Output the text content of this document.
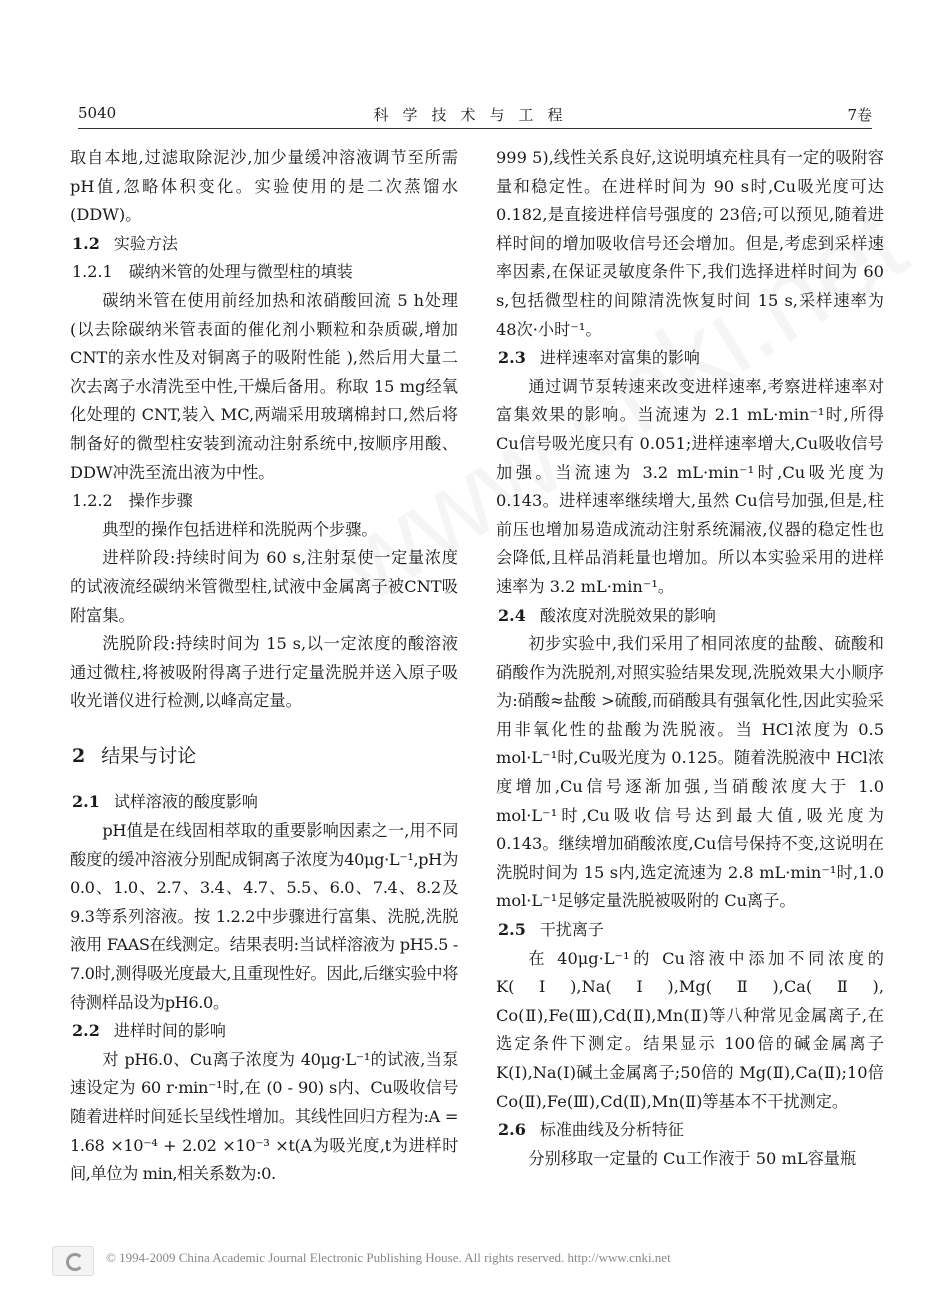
5040	科学技术与工程	7卷

取自本地,过滤取除泥沙,加少量缓冲溶液调节至所需 pH值,忽略体积变化。实验使用的是二次蒸馏水 (DDW)。

1.2 实验方法
1.2.1 碳纳米管的处理与微型柱的填装

碳纳米管在使用前经加热和浓硝酸回流 5 h处理 (以去除碳纳米管表面的催化剂小颗粒和杂质碳,增加 CNT的亲水性及对铜离子的吸附性能 ),然后用大量二次去离子水清洗至中性,干燥后备用。称取 15 mg经氧化处理的 CNT,装入 MC,两端采用玻璃棉封口,然后将制备好的微型柱安装到流动注射系统中,按顺序用酸、DDW冲洗至流出液为中性。

1.2.2 操作步骤

典型的操作包括进样和洗脱两个步骤。

进样阶段:持续时间为 60 s,注射泵使一定量浓度的试液流经碳纳米管微型柱,试液中金属离子被CNT吸附富集。

洗脱阶段:持续时间为 15 s,以一定浓度的酸溶液通过微柱,将被吸附得离子进行定量洗脱并送入原子吸收光谱仪进行检测,以峰高定量。

2 结果与讨论
2.1 试样溶液的酸度影响

pH值是在线固相萃取的重要影响因素之一,用不同酸度的缓冲溶液分别配成铜离子浓度为40μg·L⁻¹,pH为 0.0、1.0、2.7、3.4、4.7、5.5、6.0、7.4、8.2及 9.3等系列溶液。按 1.2.2中步骤进行富集、洗脱,洗脱液用 FAAS在线测定。结果表明:当试样溶液为 pH5.5 - 7.0时,测得吸光度最大,且重现性好。因此,后继实验中将待测样品设为pH6.0。

2.2 进样时间的影响

对 pH6.0、Cu离子浓度为 40μg·L⁻¹的试液,当泵速设定为 60 r·min⁻¹时,在 (0 - 90) s内、Cu吸收信号随着进样时间延长呈线性增加。其线性回归方程为:A = 1.68 ×10⁻⁴ + 2.02 ×10⁻³ ×t(A为吸光度,t为进样时间,单位为 min,相关系数为:0.

999 5),线性关系良好,这说明填充柱具有一定的吸附容量和稳定性。在进样时间为 90 s时,Cu吸光度可达 0.182,是直接进样信号强度的 23倍;可以预见,随着进样时间的增加吸收信号还会增加。但是,考虑到采样速率因素,在保证灵敏度条件下,我们选择进样时间为 60 s,包括微型柱的间隙清洗恢复时间 15 s,采样速率为 48次·小时⁻¹。

2.3 进样速率对富集的影响

通过调节泵转速来改变进样速率,考察进样速率对富集效果的影响。当流速为 2.1 mL·min⁻¹时,所得 Cu信号吸光度只有 0.051;进样速率增大,Cu吸收信号加强。当流速为 3.2 mL·min⁻¹时,Cu吸光度为 0.143。进样速率继续增大,虽然 Cu信号加强,但是,柱前压也增加易造成流动注射系统漏液,仪器的稳定性也会降低,且样品消耗量也增加。所以本实验采用的进样速率为 3.2 mL·min⁻¹。

2.4 酸浓度对洗脱效果的影响

初步实验中,我们采用了相同浓度的盐酸、硫酸和硝酸作为洗脱剂,对照实验结果发现,洗脱效果大小顺序为:硝酸≈盐酸 >硫酸,而硝酸具有强氧化性,因此实验采用非氧化性的盐酸为洗脱液。当 HCl浓度为 0.5 mol·L⁻¹时,Cu吸光度为 0.125。随着洗脱液中 HCl浓度增加,Cu信号逐渐加强,当硝酸浓度大于 1.0 mol·L⁻¹时,Cu吸收信号达到最大值,吸光度为 0.143。继续增加硝酸浓度,Cu信号保持不变,这说明在洗脱时间为 15 s内,选定流速为 2.8 mL·min⁻¹时,1.0 mol·L⁻¹足够定量洗脱被吸附的 Cu离子。

2.5 干扰离子

在 40μg·L⁻¹的 Cu溶液中添加不同浓度的 K(Ⅰ),Na(Ⅰ),Mg(Ⅱ),Ca(Ⅱ), Co(Ⅱ),Fe(Ⅲ),Cd(Ⅱ),Mn(Ⅱ)等八种常见金属离子,在选定条件下测定。结果显示 100倍的碱金属离子 K(Ⅰ),Na(Ⅰ)碱土金属离子;50倍的 Mg(Ⅱ),Ca(Ⅱ);10倍 Co(Ⅱ),Fe(Ⅲ),Cd(Ⅱ),Mn(Ⅱ)等基本不干扰测定。

2.6 标准曲线及分析特征

分别移取一定量的 Cu工作液于 50 mL容量瓶

© 1994-2009 China Academic Journal Electronic Publishing House. All rights reserved. http://www.cnki.net
